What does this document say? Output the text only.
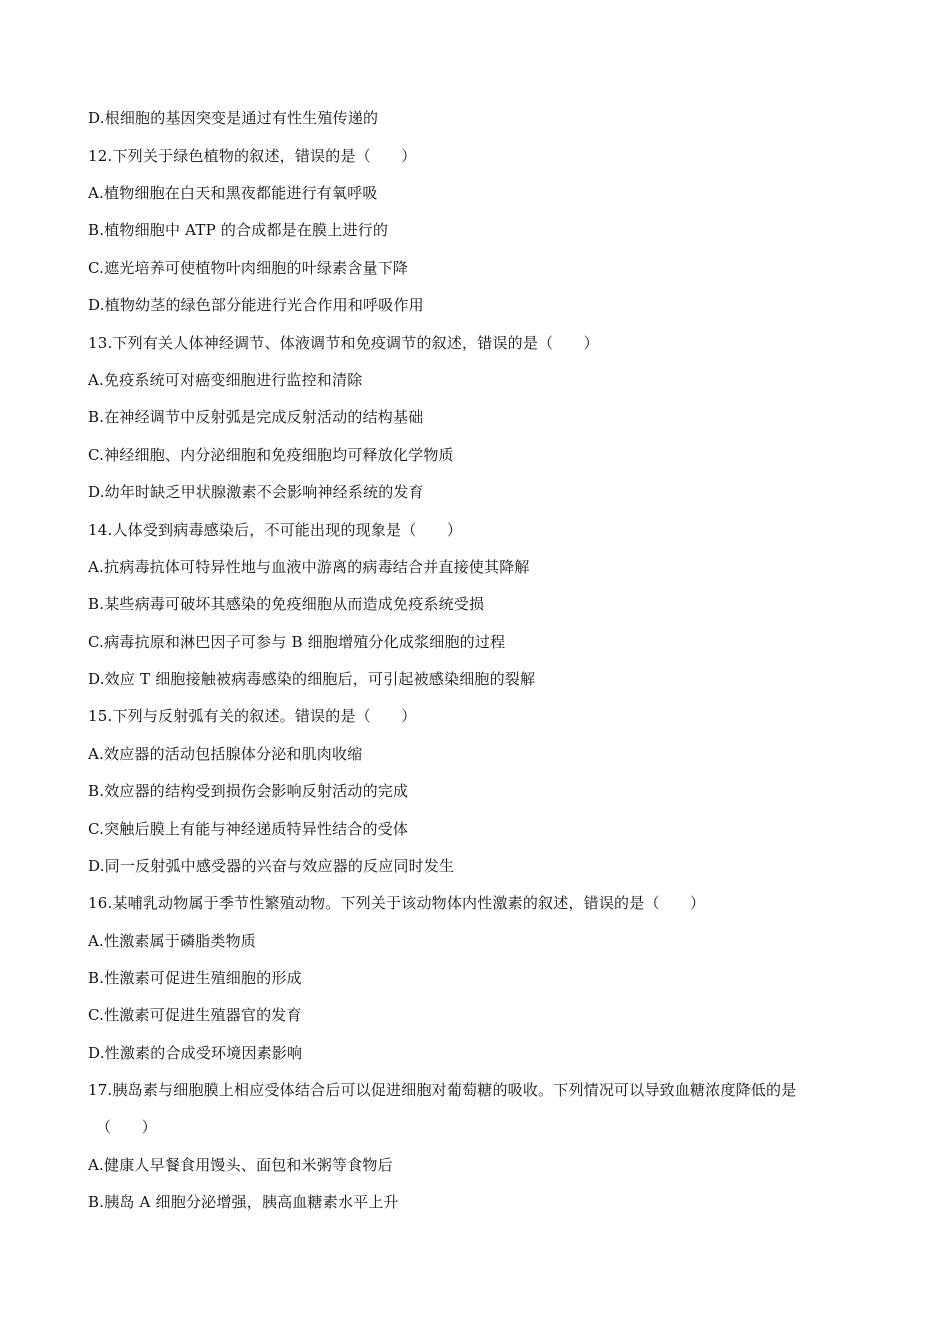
D.根细胞的基因突变是通过有性生殖传递的
12.下列关于绿色植物的叙述，错误的是（　　）
A.植物细胞在白天和黑夜都能进行有氧呼吸
B.植物细胞中 ATP 的合成都是在膜上进行的
C.遮光培养可使植物叶肉细胞的叶绿素含量下降
D.植物幼茎的绿色部分能进行光合作用和呼吸作用
13.下列有关人体神经调节、体液调节和免疫调节的叙述，错误的是（　　）
A.免疫系统可对癌变细胞进行监控和清除
B.在神经调节中反射弧是完成反射活动的结构基础
C.神经细胞、内分泌细胞和免疫细胞均可释放化学物质
D.幼年时缺乏甲状腺激素不会影响神经系统的发育
14.人体受到病毒感染后，不可能出现的现象是（　　）
A.抗病毒抗体可特异性地与血液中游离的病毒结合并直接使其降解
B.某些病毒可破坏其感染的免疫细胞从而造成免疫系统受损
C.病毒抗原和淋巴因子可参与 B 细胞增殖分化成浆细胞的过程
D.效应 T 细胞接触被病毒感染的细胞后，可引起被感染细胞的裂解
15.下列与反射弧有关的叙述。错误的是（　　）
A.效应器的活动包括腺体分泌和肌肉收缩
B.效应器的结构受到损伤会影响反射活动的完成
C.突触后膜上有能与神经递质特异性结合的受体
D.同一反射弧中感受器的兴奋与效应器的反应同时发生
16.某哺乳动物属于季节性繁殖动物。下列关于该动物体内性激素的叙述，错误的是（　　）
A.性激素属于磷脂类物质
B.性激素可促进生殖细胞的形成
C.性激素可促进生殖器官的发育
D.性激素的合成受环境因素影响
17.胰岛素与细胞膜上相应受体结合后可以促进细胞对葡萄糖的吸收。下列情况可以导致血糖浓度降低的是
（　　）
A.健康人早餐食用馒头、面包和米粥等食物后
B.胰岛 A 细胞分泌增强，胰高血糖素水平上升
